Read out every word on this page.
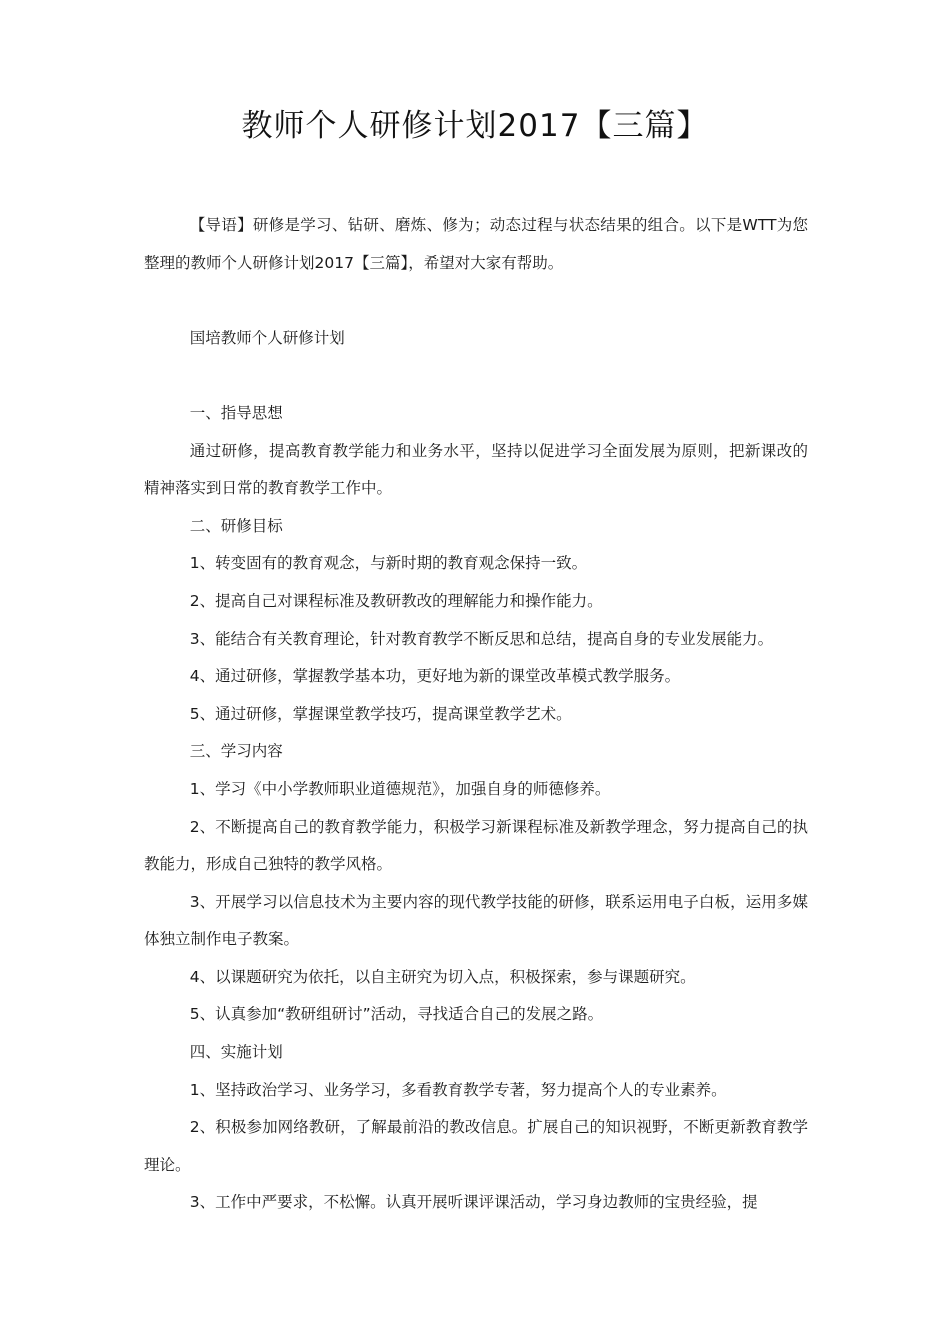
教师个人研修计划2017【三篇】

【导语】研修是学习、钻研、磨炼、修为；动态过程与状态结果的组合。以下是WTT为您整理的教师个人研修计划2017【三篇】，希望对大家有帮助。

国培教师个人研修计划

一、指导思想

通过研修，提高教育教学能力和业务水平，坚持以促进学习全面发展为原则，把新课改的精神落实到日常的教育教学工作中。

二、研修目标

1、转变固有的教育观念，与新时期的教育观念保持一致。

2、提高自己对课程标准及教研教改的理解能力和操作能力。

3、能结合有关教育理论，针对教育教学不断反思和总结，提高自身的专业发展能力。

4、通过研修，掌握教学基本功，更好地为新的课堂改革模式教学服务。

5、通过研修，掌握课堂教学技巧，提高课堂教学艺术。

三、学习内容

1、学习《中小学教师职业道德规范》，加强自身的师德修养。

2、不断提高自己的教育教学能力，积极学习新课程标准及新教学理念，努力提高自己的执教能力，形成自己独特的教学风格。

3、开展学习以信息技术为主要内容的现代教学技能的研修，联系运用电子白板，运用多媒体独立制作电子教案。

4、以课题研究为依托，以自主研究为切入点，积极探索，参与课题研究。

5、认真参加“教研组研讨”活动，寻找适合自己的发展之路。

四、实施计划

1、坚持政治学习、业务学习，多看教育教学专著，努力提高个人的专业素养。

2、积极参加网络教研，了解最前沿的教改信息。扩展自己的知识视野，不断更新教育教学理论。

3、工作中严要求，不松懈。认真开展听课评课活动，学习身边教师的宝贵经验，提
